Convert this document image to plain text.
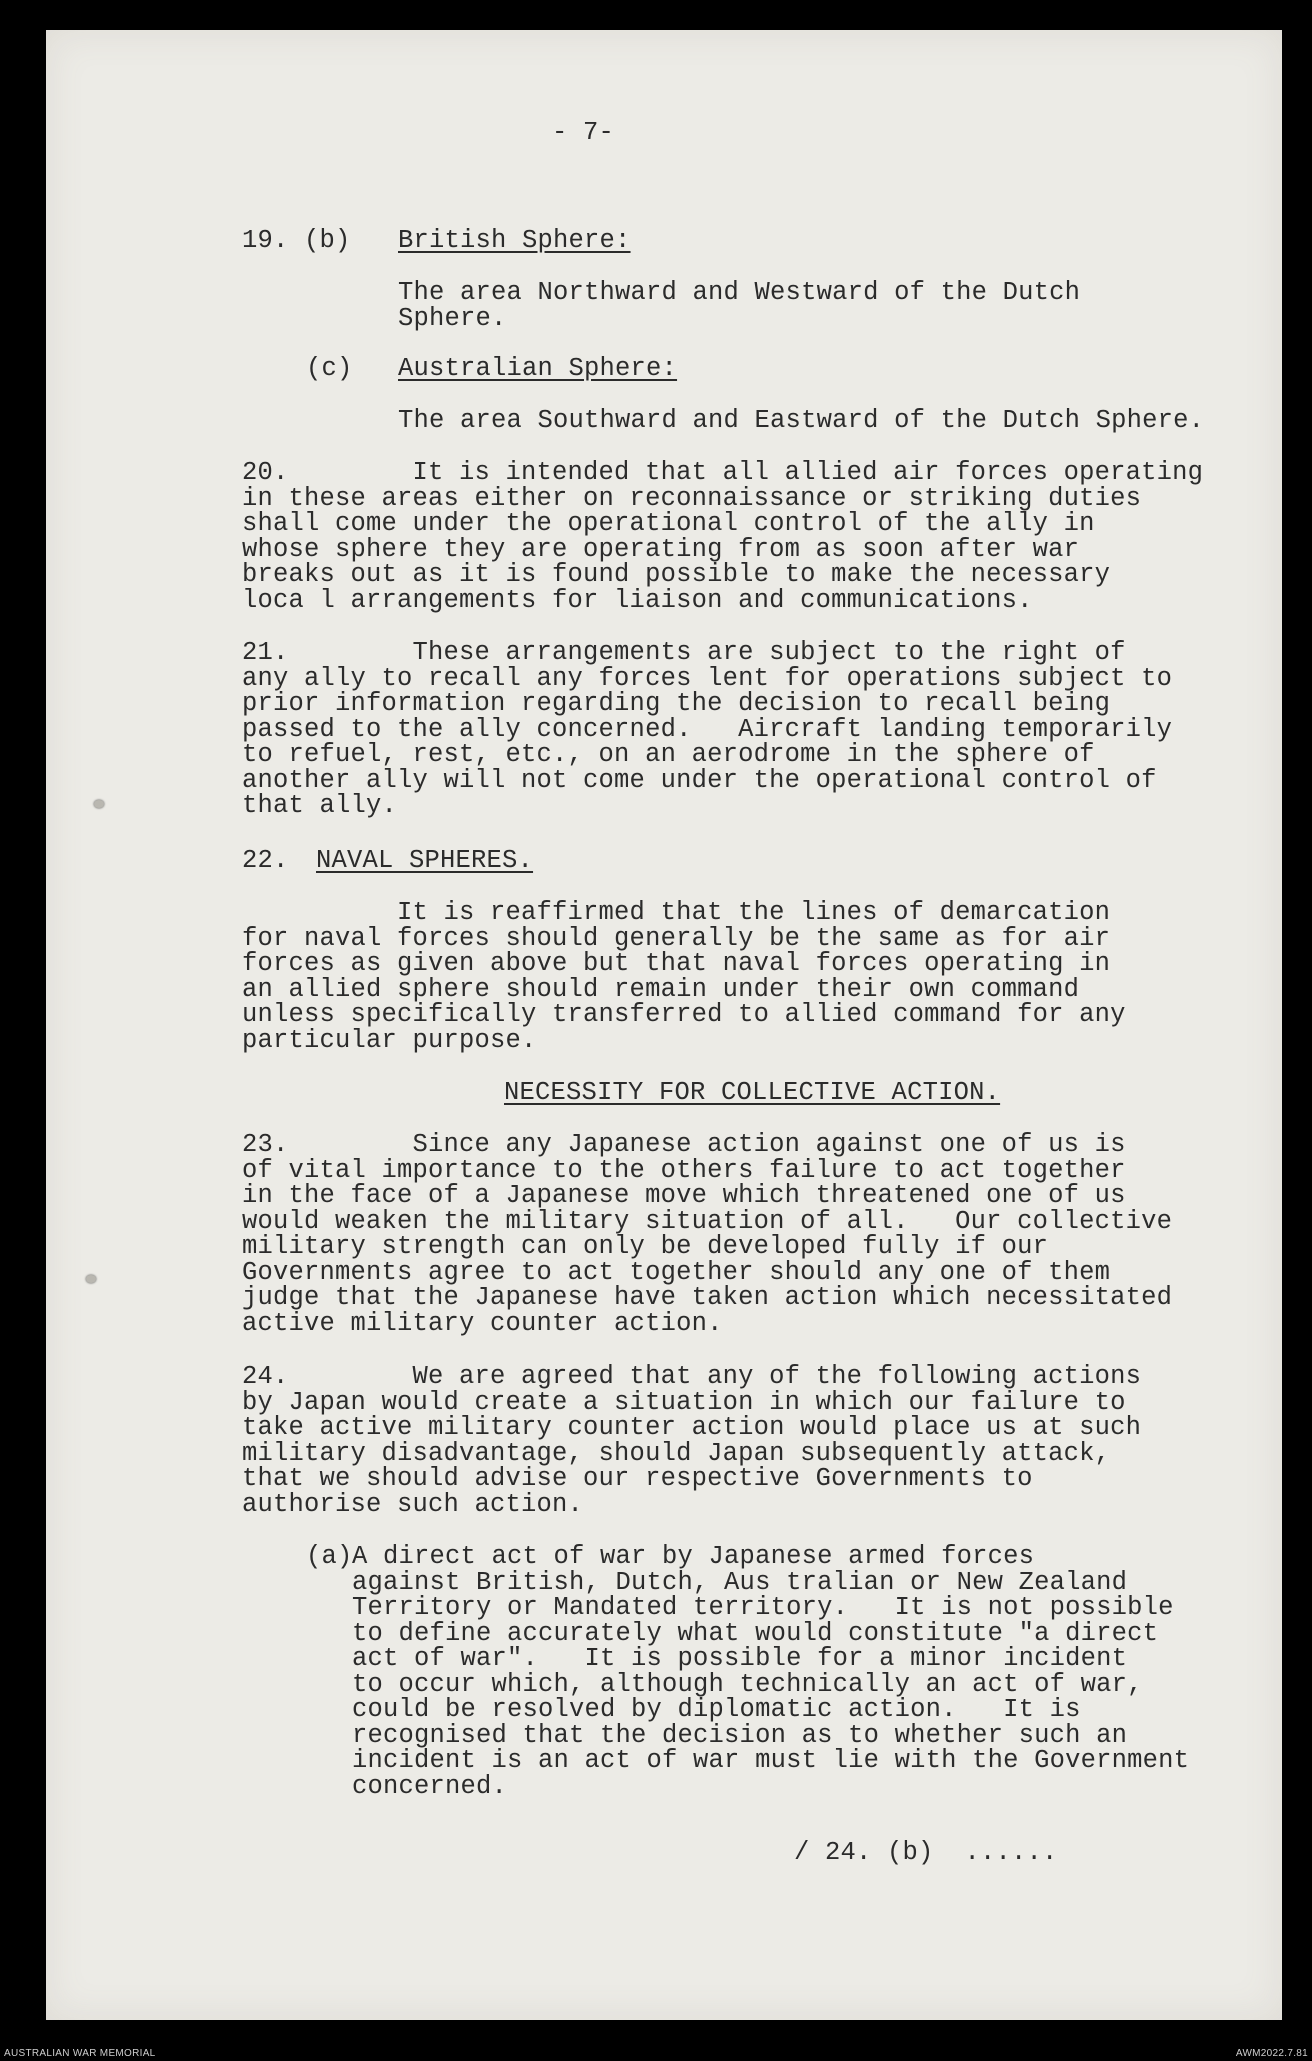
- 7-
19. (b) British Sphere:
The area Northward and Westward of the Dutch
Sphere.
(c) Australian Sphere:
The area Southward and Eastward of the Dutch Sphere.
20.        It is intended that all allied air forces operating
in these areas either on reconnaissance or striking duties
shall come under the operational control of the ally in
whose sphere they are operating from as soon after war
breaks out as it is found possible to make the necessary
loca l arrangements for liaison and communications.
21.        These arrangements are subject to the right of
any ally to recall any forces lent for operations subject to
prior information regarding the decision to recall being
passed to the ally concerned.   Aircraft landing temporarily
to refuel, rest, etc., on an aerodrome in the sphere of
another ally will not come under the operational control of
that ally.
22. NAVAL SPHERES.
It is reaffirmed that the lines of demarcation
for naval forces should generally be the same as for air
forces as given above but that naval forces operating in
an allied sphere should remain under their own command
unless specifically transferred to allied command for any
particular purpose.
NECESSITY FOR COLLECTIVE ACTION.
23.        Since any Japanese action against one of us is
of vital importance to the others failure to act together
in the face of a Japanese move which threatened one of us
would weaken the military situation of all.   Our collective
military strength can only be developed fully if our
Governments agree to act together should any one of them
judge that the Japanese have taken action which necessitated
active military counter action.
24.        We are agreed that any of the following actions
by Japan would create a situation in which our failure to
take active military counter action would place us at such
military disadvantage, should Japan subsequently attack,
that we should advise our respective Governments to
authorise such action.
(a) A direct act of war by Japanese armed forces
against British, Dutch, Aus tralian or New Zealand
Territory or Mandated territory.   It is not possible
to define accurately what would constitute "a direct
act of war".   It is possible for a minor incident
to occur which, although technically an act of war,
could be resolved by diplomatic action.   It is
recognised that the decision as to whether such an
incident is an act of war must lie with the Government
concerned.
/ 24. (b)  ......
AUSTRALIAN WAR MEMORIAL	AWM2022.7.81
